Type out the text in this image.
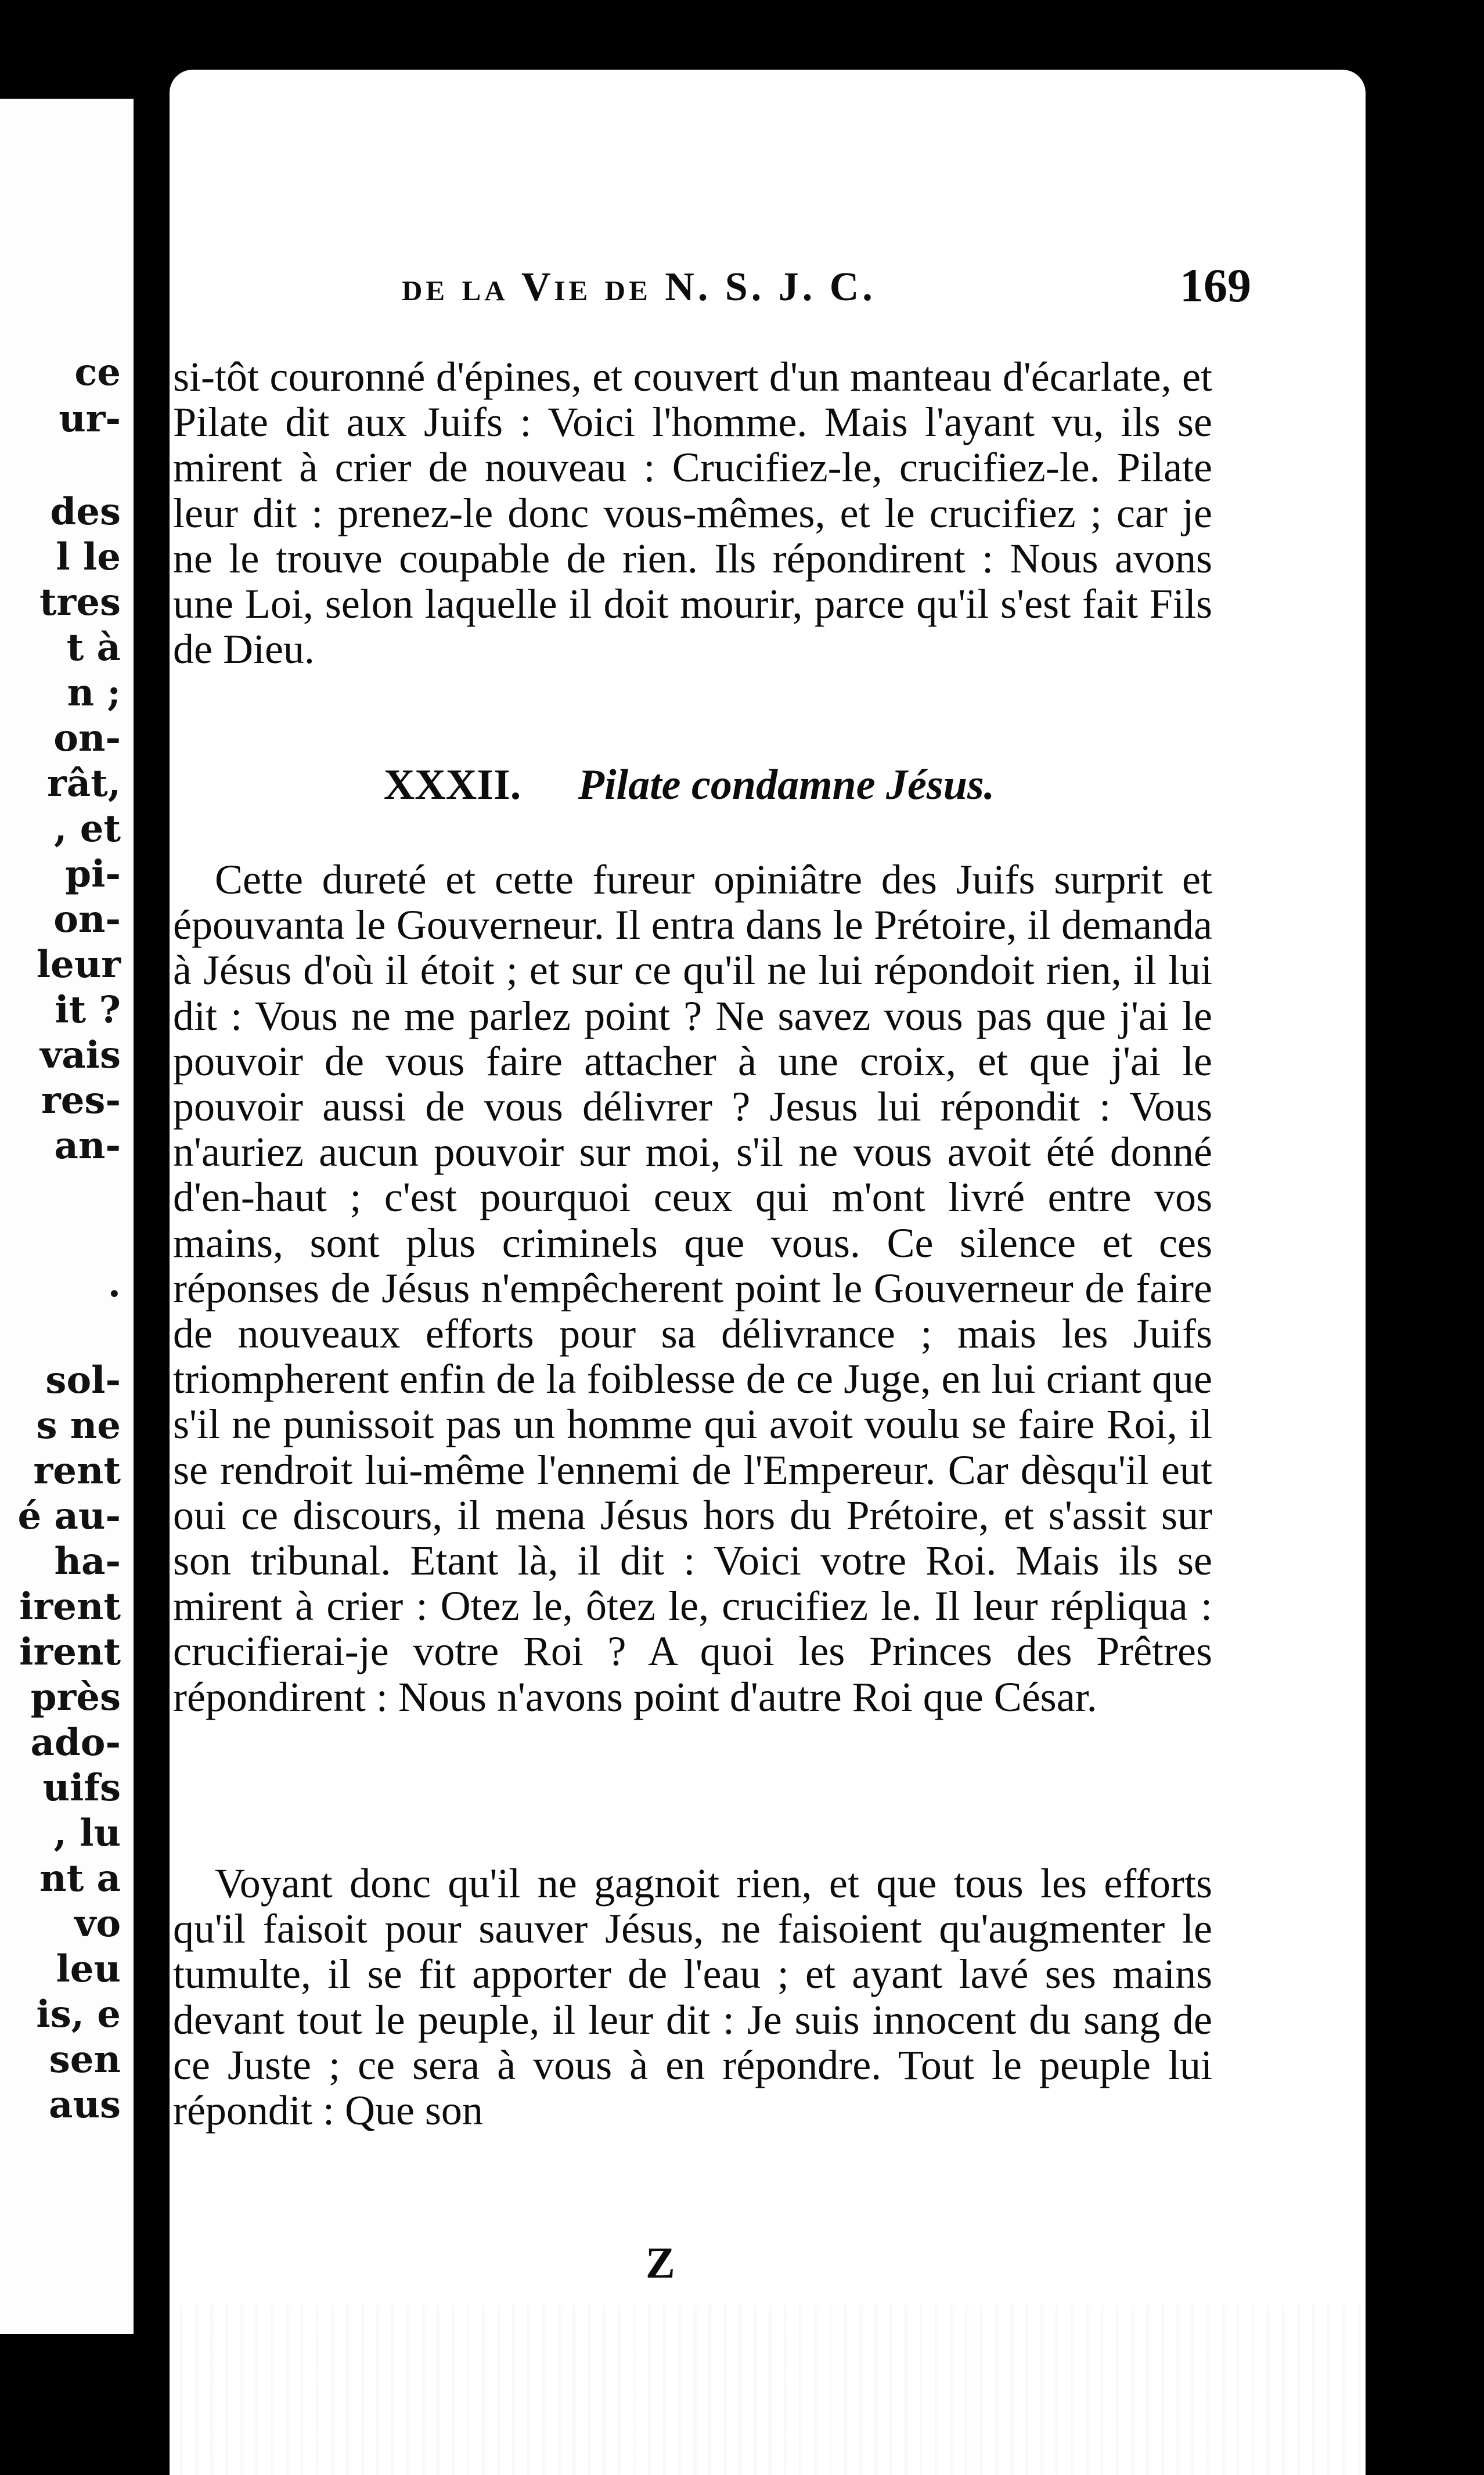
ce
ur-
des
l le
tres
t à
n ;
on-
rât,
, et
pi-
on-
leur
it ?
vais
res-
an-
.
sol-
s ne
rent
é au-
ha-
irent
irent
près
ado-
uifs
, lu
nt a
vo
leu
is, e
sen
aus
de la Vie de N. S. J. C.	169
si-tôt couronné d'épines, et couvert d'un manteau d'écarlate, et Pilate dit aux Juifs : Voici l'homme. Mais l'ayant vu, ils se mirent à crier de nouveau : Crucifiez-le, crucifiez-le. Pilate leur dit : prenez-le donc vous-mêmes, et le crucifiez ; car je ne le trouve coupable de rien. Ils répondirent : Nous avons une Loi, selon laquelle il doit mourir, parce qu'il s'est fait Fils de Dieu.
XXXII. Pilate condamne Jésus.
Cette dureté et cette fureur opiniâtre des Juifs surprit et épouvanta le Gouverneur. Il entra dans le Prétoire, il demanda à Jésus d'où il étoit ; et sur ce qu'il ne lui répondoit rien, il lui dit : Vous ne me parlez point ? Ne savez vous pas que j'ai le pouvoir de vous faire attacher à une croix, et que j'ai le pouvoir aussi de vous délivrer ? Jesus lui répondit : Vous n'auriez aucun pouvoir sur moi, s'il ne vous avoit été donné d'en-haut ; c'est pourquoi ceux qui m'ont livré entre vos mains, sont plus criminels que vous. Ce silence et ces réponses de Jésus n'empêcherent point le Gouverneur de faire de nouveaux efforts pour sa délivrance ; mais les Juifs triompherent enfin de la foiblesse de ce Juge, en lui criant que s'il ne punissoit pas un homme qui avoit voulu se faire Roi, il se rendroit lui-même l'ennemi de l'Empereur. Car dèsqu'il eut oui ce discours, il mena Jésus hors du Prétoire, et s'assit sur son tribunal. Etant là, il dit : Voici votre Roi. Mais ils se mirent à crier : Otez le, ôtez le, crucifiez le. Il leur répliqua : crucifierai-je votre Roi ? A quoi les Princes des Prêtres répondirent : Nous n'avons point d'autre Roi que César.
Voyant donc qu'il ne gagnoit rien, et que tous les efforts qu'il faisoit pour sauver Jésus, ne faisoient qu'augmenter le tumulte, il se fit apporter de l'eau ; et ayant lavé ses mains devant tout le peuple, il leur dit : Je suis innocent du sang de ce Juste ; ce sera à vous à en répondre. Tout le peuple lui répondit : Que son
Z
